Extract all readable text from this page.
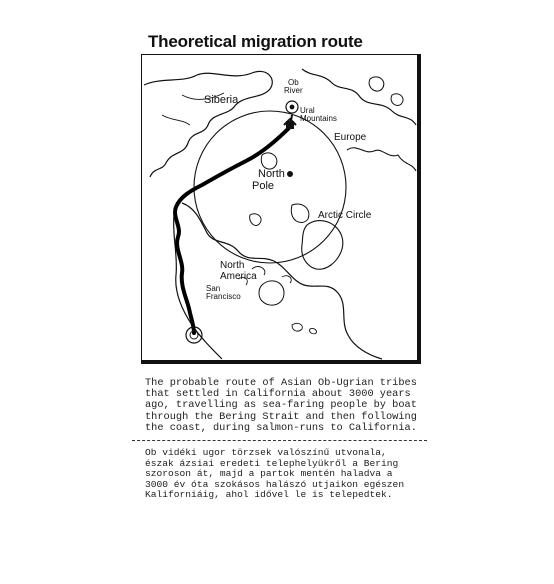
Theoretical migration route
Siberia
Ob
River
Ural
Mountains
Europe
North
Pole
Arctic Circle
North
America
San
Francisco
The probable route of Asian Ob-Ugrian tribes
that settled in California about 3000 years
ago, travelling as sea-faring people by boat
through the Bering Strait and then following
the coast, during salmon-runs to California.
Ob vidéki ugor törzsek valószínű utvonala,
észak ázsiai eredeti telephelyükről a Bering
szoroson át, majd a partok mentén haladva a
3000 év óta szokásos halászó utjaikon egészen
Kaliforniáig, ahol idővel le is telepedtek.
